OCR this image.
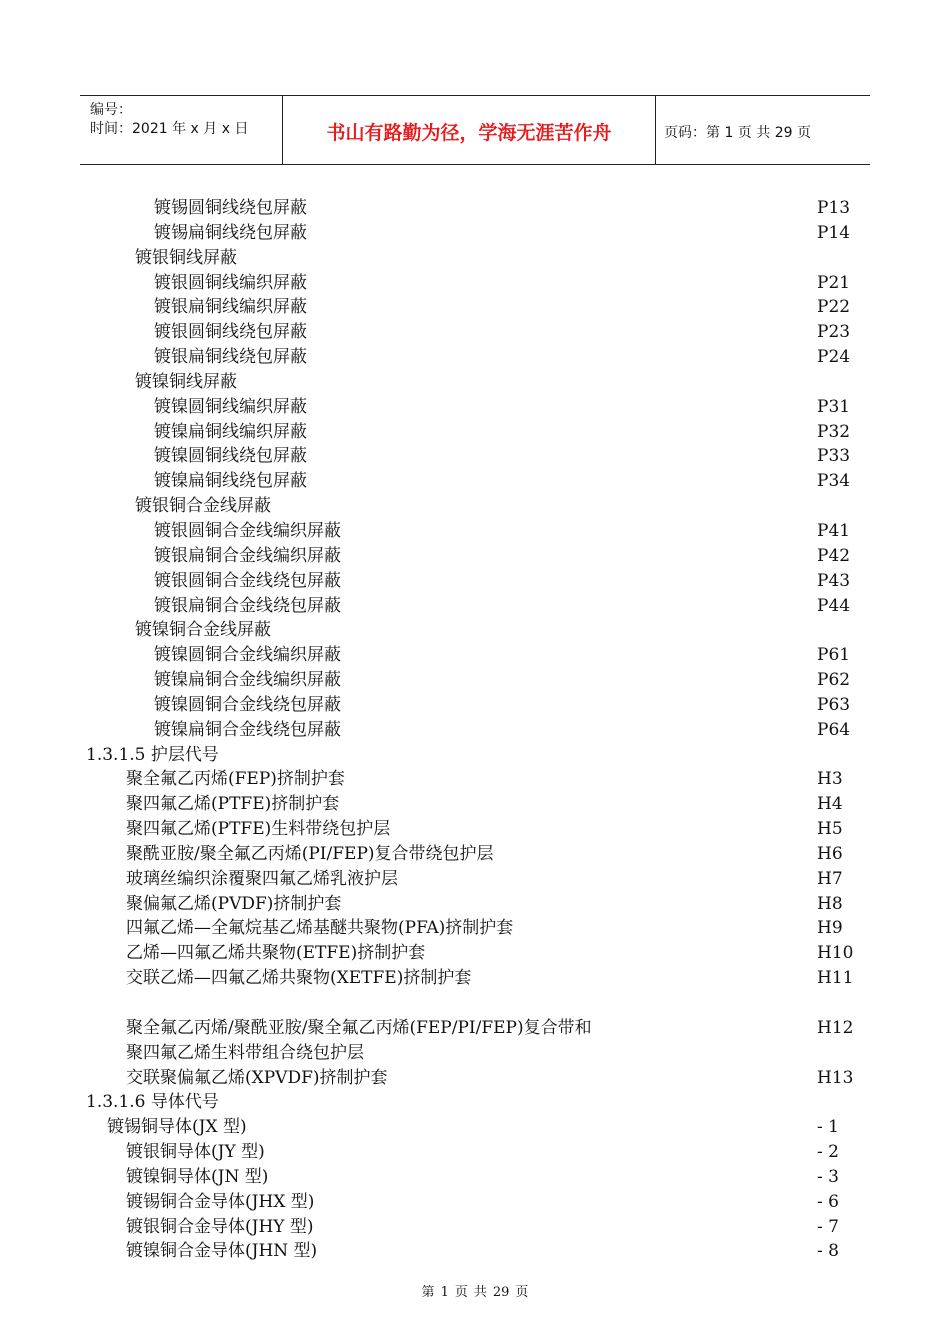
编号：
时间：2021 年 x 月 x 日	书山有路勤为径，学海无涯苦作舟	页码：第 1 页 共 29 页
镀锡圆铜线绕包屏蔽	P13
镀锡扁铜线绕包屏蔽	P14
镀银铜线屏蔽
镀银圆铜线编织屏蔽	P21
镀银扁铜线编织屏蔽	P22
镀银圆铜线绕包屏蔽	P23
镀银扁铜线绕包屏蔽	P24
镀镍铜线屏蔽
镀镍圆铜线编织屏蔽	P31
镀镍扁铜线编织屏蔽	P32
镀镍圆铜线绕包屏蔽	P33
镀镍扁铜线绕包屏蔽	P34
镀银铜合金线屏蔽
镀银圆铜合金线编织屏蔽	P41
镀银扁铜合金线编织屏蔽	P42
镀银圆铜合金线绕包屏蔽	P43
镀银扁铜合金线绕包屏蔽	P44
镀镍铜合金线屏蔽
镀镍圆铜合金线编织屏蔽	P61
镀镍扁铜合金线编织屏蔽	P62
镀镍圆铜合金线绕包屏蔽	P63
镀镍扁铜合金线绕包屏蔽	P64
1.3.1.5 护层代号
聚全氟乙丙烯(FEP)挤制护套	H3
聚四氟乙烯(PTFE)挤制护套	H4
聚四氟乙烯(PTFE)生料带绕包护层	H5
聚酰亚胺/聚全氟乙丙烯(PI/FEP)复合带绕包护层	H6
玻璃丝编织涂覆聚四氟乙烯乳液护层	H7
聚偏氟乙烯(PVDF)挤制护套	H8
四氟乙烯—全氟烷基乙烯基醚共聚物(PFA)挤制护套	H9
乙烯—四氟乙烯共聚物(ETFE)挤制护套	H10
交联乙烯—四氟乙烯共聚物(XETFE)挤制护套	H11
聚全氟乙丙烯/聚酰亚胺/聚全氟乙丙烯(FEP/PI/FEP)复合带和	H12
聚四氟乙烯生料带组合绕包护层
交联聚偏氟乙烯(XPVDF)挤制护套	H13
1.3.1.6 导体代号
镀锡铜导体(JX 型)	- 1
镀银铜导体(JY 型)	- 2
镀镍铜导体(JN 型)	- 3
镀锡铜合金导体(JHX 型)	- 6
镀银铜合金导体(JHY 型)	- 7
镀镍铜合金导体(JHN 型)	- 8
第 1 页 共 29 页
